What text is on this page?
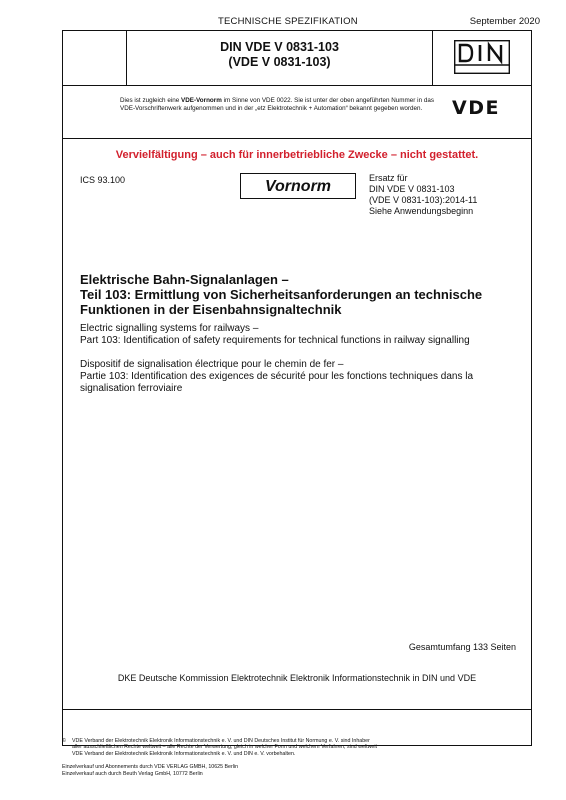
TECHNISCHE SPEZIFIKATION	September 2020
DIN VDE V 0831-103
(VDE V 0831-103)
Dies ist zugleich eine VDE-Vornorm im Sinne von VDE 0022. Sie ist unter der oben angeführten Nummer in das VDE-Vorschriftenwerk aufgenommen und in der „etz Elektrotechnik + Automation“ bekannt gegeben worden.	VDE
Vervielfältigung – auch für innerbetriebliche Zwecke – nicht gestattet.
ICS 93.100	Vornorm	Ersatz für
DIN VDE V 0831-103
(VDE V 0831-103):2014-11
Siehe Anwendungsbeginn
Elektrische Bahn-Signalanlagen –
Teil 103: Ermittlung von Sicherheitsanforderungen an technische
Funktionen in der Eisenbahnsignaltechnik
Electric signalling systems for railways –
Part 103: Identification of safety requirements for technical functions in railway signalling
Dispositif de signalisation électrique pour le chemin de fer –
Partie 103: Identification des exigences de sécurité pour les fonctions techniques dans la
signalisation ferroviaire
Gesamtumfang 133 Seiten
DKE Deutsche Kommission Elektrotechnik Elektronik Informationstechnik in DIN und VDE
©	VDE Verband der Elektrotechnik Elektronik Informationstechnik e. V. und DIN Deutsches Institut für Normung e. V. sind Inhaber
aller ausschließlichen Rechte weltweit – alle Rechte der Verwertung, gleich in welcher Form und welchem Verfahren, sind weltweit
VDE Verband der Elektrotechnik Elektronik Informationstechnik e. V. und DIN e. V. vorbehalten.
Einzelverkauf und Abonnements durch VDE VERLAG GMBH, 10625 Berlin
Einzelverkauf auch durch Beuth Verlag GmbH, 10772 Berlin
